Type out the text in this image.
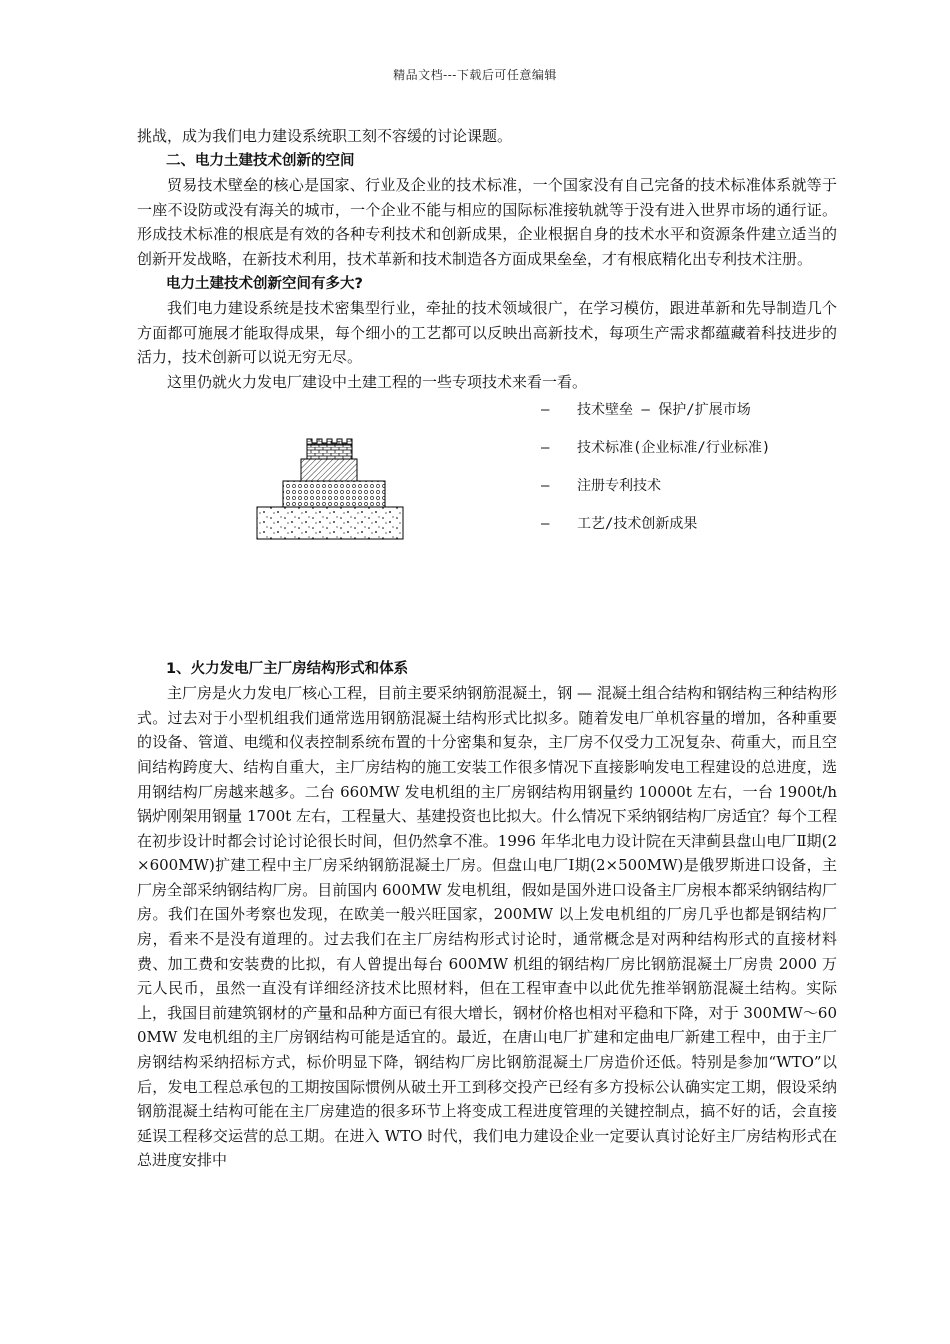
精品文档---下载后可任意编辑

挑战，成为我们电力建设系统职工刻不容缓的讨论课题。

二、电力土建技术创新的空间

贸易技术壁垒的核心是国家、行业及企业的技术标准，一个国家没有自己完备的技术标准体系就等于一座不设防或没有海关的城市，一个企业不能与相应的国际标准接轨就等于没有进入世界市场的通行证。形成技术标准的根底是有效的各种专利技术和创新成果，企业根据自身的技术水平和资源条件建立适当的创新开发战略，在新技术利用，技术革新和技术制造各方面成果垒垒，才有根底精化出专利技术注册。

电力土建技术创新空间有多大?

我们电力建设系统是技术密集型行业，牵扯的技术领域很广，在学习模仿，跟进革新和先导制造几个方面都可施展才能取得成果，每个细小的工艺都可以反映出高新技术，每项生产需求都蕴藏着科技进步的活力，技术创新可以说无穷无尽。

这里仍就火力发电厂建设中土建工程的一些专项技术来看一看。

—	技术壁垒 — 保护/扩展市场
—	技术标准(企业标准/行业标准)
—	注册专利技术
—	工艺/技术创新成果

1、火力发电厂主厂房结构形式和体系

主厂房是火力发电厂核心工程，目前主要采纳钢筋混凝土，钢 — 混凝土组合结构和钢结构三种结构形式。过去对于小型机组我们通常选用钢筋混凝土结构形式比拟多。随着发电厂单机容量的增加，各种重要的设备、管道、电缆和仪表控制系统布置的十分密集和复杂，主厂房不仅受力工况复杂、荷重大，而且空间结构跨度大、结构自重大，主厂房结构的施工安装工作很多情况下直接影响发电工程建设的总进度，选用钢结构厂房越来越多。二台 660MW 发电机组的主厂房钢结构用钢量约 10000t 左右，一台 1900t/h 锅炉刚架用钢量 1700t 左右，工程量大、基建投资也比拟大。什么情况下采纳钢结构厂房适宜？每个工程在初步设计时都会讨论讨论很长时间，但仍然拿不准。1996 年华北电力设计院在天津蓟县盘山电厂Ⅱ期(2×600MW)扩建工程中主厂房采纳钢筋混凝土厂房。但盘山电厂Ⅰ期(2×500MW)是俄罗斯进口设备，主厂房全部采纳钢结构厂房。目前国内 600MW 发电机组，假如是国外进口设备主厂房根本都采纳钢结构厂房。我们在国外考察也发现，在欧美一般兴旺国家，200MW 以上发电机组的厂房几乎也都是钢结构厂房，看来不是没有道理的。过去我们在主厂房结构形式讨论时，通常概念是对两种结构形式的直接材料费、加工费和安装费的比拟，有人曾提出每台 600MW 机组的钢结构厂房比钢筋混凝土厂房贵 2000 万元人民币，虽然一直没有详细经济技术比照材料，但在工程审查中以此优先推举钢筋混凝土结构。实际上，我国目前建筑钢材的产量和品种方面已有很大增长，钢材价格也相对平稳和下降，对于 300MW～600MW 发电机组的主厂房钢结构可能是适宜的。最近，在唐山电厂扩建和定曲电厂新建工程中，由于主厂房钢结构采纳招标方式，标价明显下降，钢结构厂房比钢筋混凝土厂房造价还低。特别是参加“WTO”以后，发电工程总承包的工期按国际惯例从破土开工到移交投产已经有多方投标公认确实定工期，假设采纳钢筋混凝土结构可能在主厂房建造的很多环节上将变成工程进度管理的关键控制点，搞不好的话，会直接延误工程移交运营的总工期。在进入 WTO 时代，我们电力建设企业一定要认真讨论好主厂房结构形式在总进度安排中
